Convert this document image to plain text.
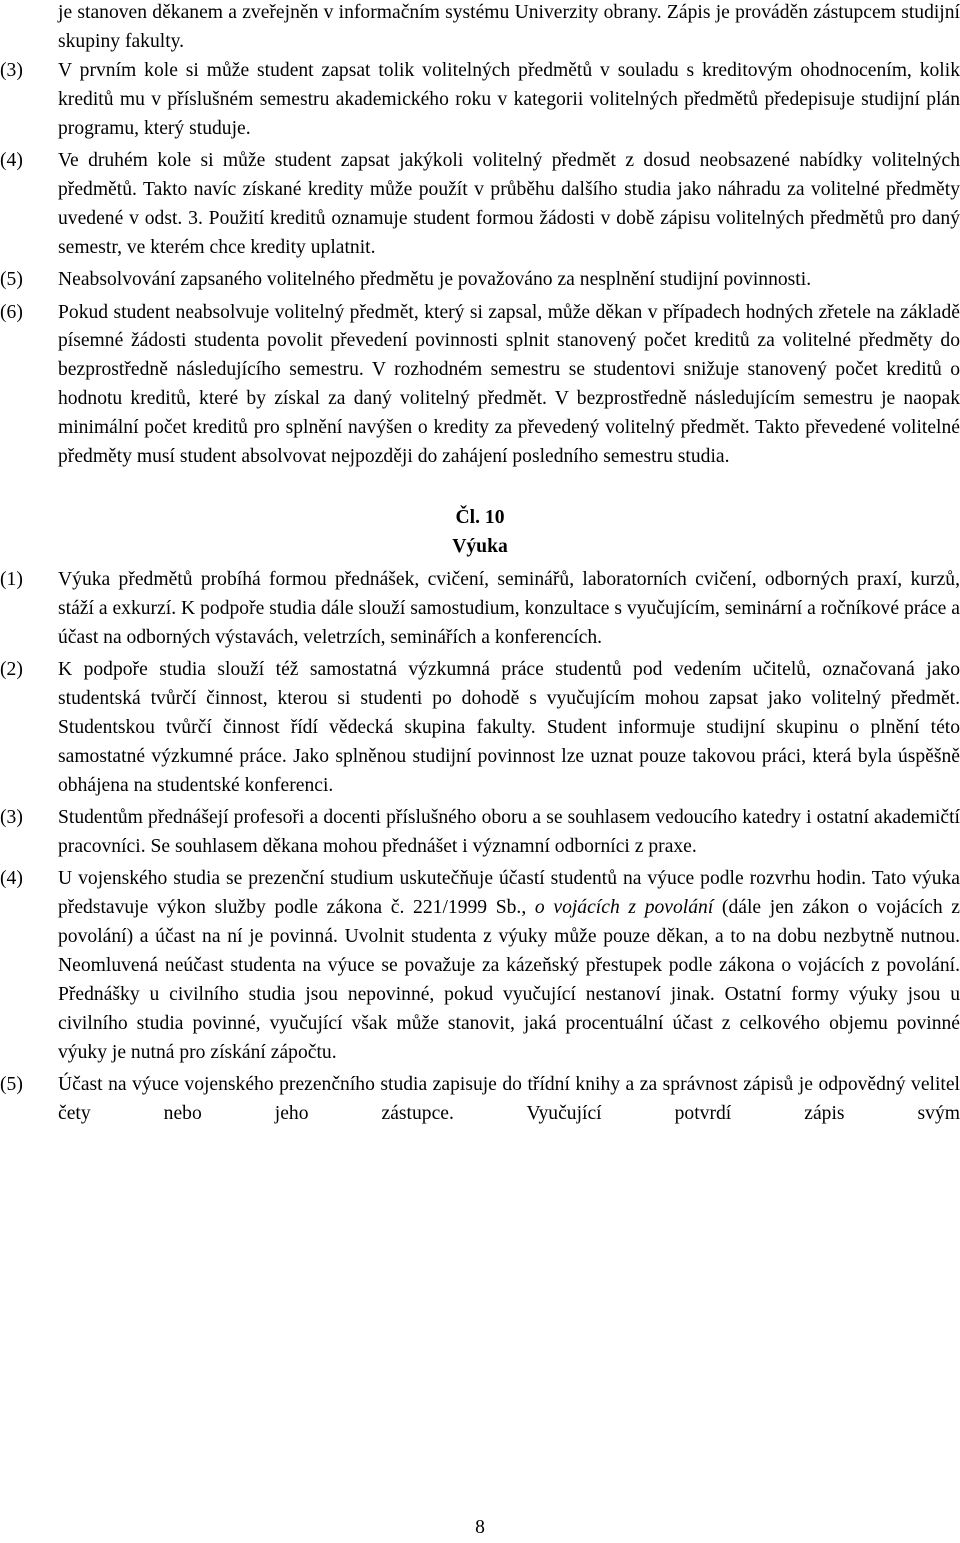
je stanoven děkanem a zveřejněn v informačním systému Univerzity obrany. Zápis je prováděn zástupcem studijní skupiny fakulty.

(3) V prvním kole si může student zapsat tolik volitelných předmětů v souladu s kreditovým ohodnocením, kolik kreditů mu v příslušném semestru akademického roku v kategorii volitelných předmětů předepisuje studijní plán programu, který studuje.
(4) Ve druhém kole si může student zapsat jakýkoli volitelný předmět z dosud neobsazené nabídky volitelných předmětů. Takto navíc získané kredity může použít v průběhu dalšího studia jako náhradu za volitelné předměty uvedené v odst. 3. Použití kreditů oznamuje student formou žádosti v době zápisu volitelných předmětů pro daný semestr, ve kterém chce kredity uplatnit.
(5) Neabsolvování zapsaného volitelného předmětu je považováno za nesplnění studijní povinnosti.
(6) Pokud student neabsolvuje volitelný předmět, který si zapsal, může děkan v případech hodných zřetele na základě písemné žádosti studenta povolit převedení povinnosti splnit stanovený počet kreditů za volitelné předměty do bezprostředně následujícího semestru. V rozhodném semestru se studentovi snižuje stanovený počet kreditů o hodnotu kreditů, které by získal za daný volitelný předmět. V bezprostředně následujícím semestru je naopak minimální počet kreditů pro splnění navýšen o kredity za převedený volitelný předmět. Takto převedené volitelné předměty musí student absolvovat nejpozději do zahájení posledního semestru studia.

Čl. 10

Výuka

(1) Výuka předmětů probíhá formou přednášek, cvičení, seminářů, laboratorních cvičení, odborných praxí, kurzů, stáží a exkurzí. K podpoře studia dále slouží samostudium, konzultace s vyučujícím, seminární a ročníkové práce a účast na odborných výstavách, veletrzích, seminářích a konferencích.
(2) K podpoře studia slouží též samostatná výzkumná práce studentů pod vedením učitelů, označovaná jako studentská tvůrčí činnost, kterou si studenti po dohodě s vyučujícím mohou zapsat jako volitelný předmět. Studentskou tvůrčí činnost řídí vědecká skupina fakulty. Student informuje studijní skupinu o plnění této samostatné výzkumné práce. Jako splněnou studijní povinnost lze uznat pouze takovou práci, která byla úspěšně obhájena na studentské konferenci.
(3) Studentům přednášejí profesoři a docenti příslušného oboru a se souhlasem vedoucího katedry i ostatní akademičtí pracovníci. Se souhlasem děkana mohou přednášet i významní odborníci z praxe.
(4) U vojenského studia se prezenční studium uskutečňuje účastí studentů na výuce podle rozvrhu hodin. Tato výuka představuje výkon služby podle zákona č. 221/1999 Sb., o vojácích z povolání (dále jen zákon o vojácích z povolání) a účast na ní je povinná. Uvolnit studenta z výuky může pouze děkan, a to na dobu nezbytně nutnou. Neomluvená neúčast studenta na výuce se považuje za kázeňský přestupek podle zákona o vojácích z povolání. Přednášky u civilního studia jsou nepovinné, pokud vyučující nestanoví jinak. Ostatní formy výuky jsou u civilního studia povinné, vyučující však může stanovit, jaká procentuální účast z celkového objemu povinné výuky je nutná pro získání zápočtu.
(5) Účast na výuce vojenského prezenčního studia zapisuje do třídní knihy a za správnost zápisů je odpovědný velitel čety nebo jeho zástupce. Vyučující potvrdí zápis svým
8
